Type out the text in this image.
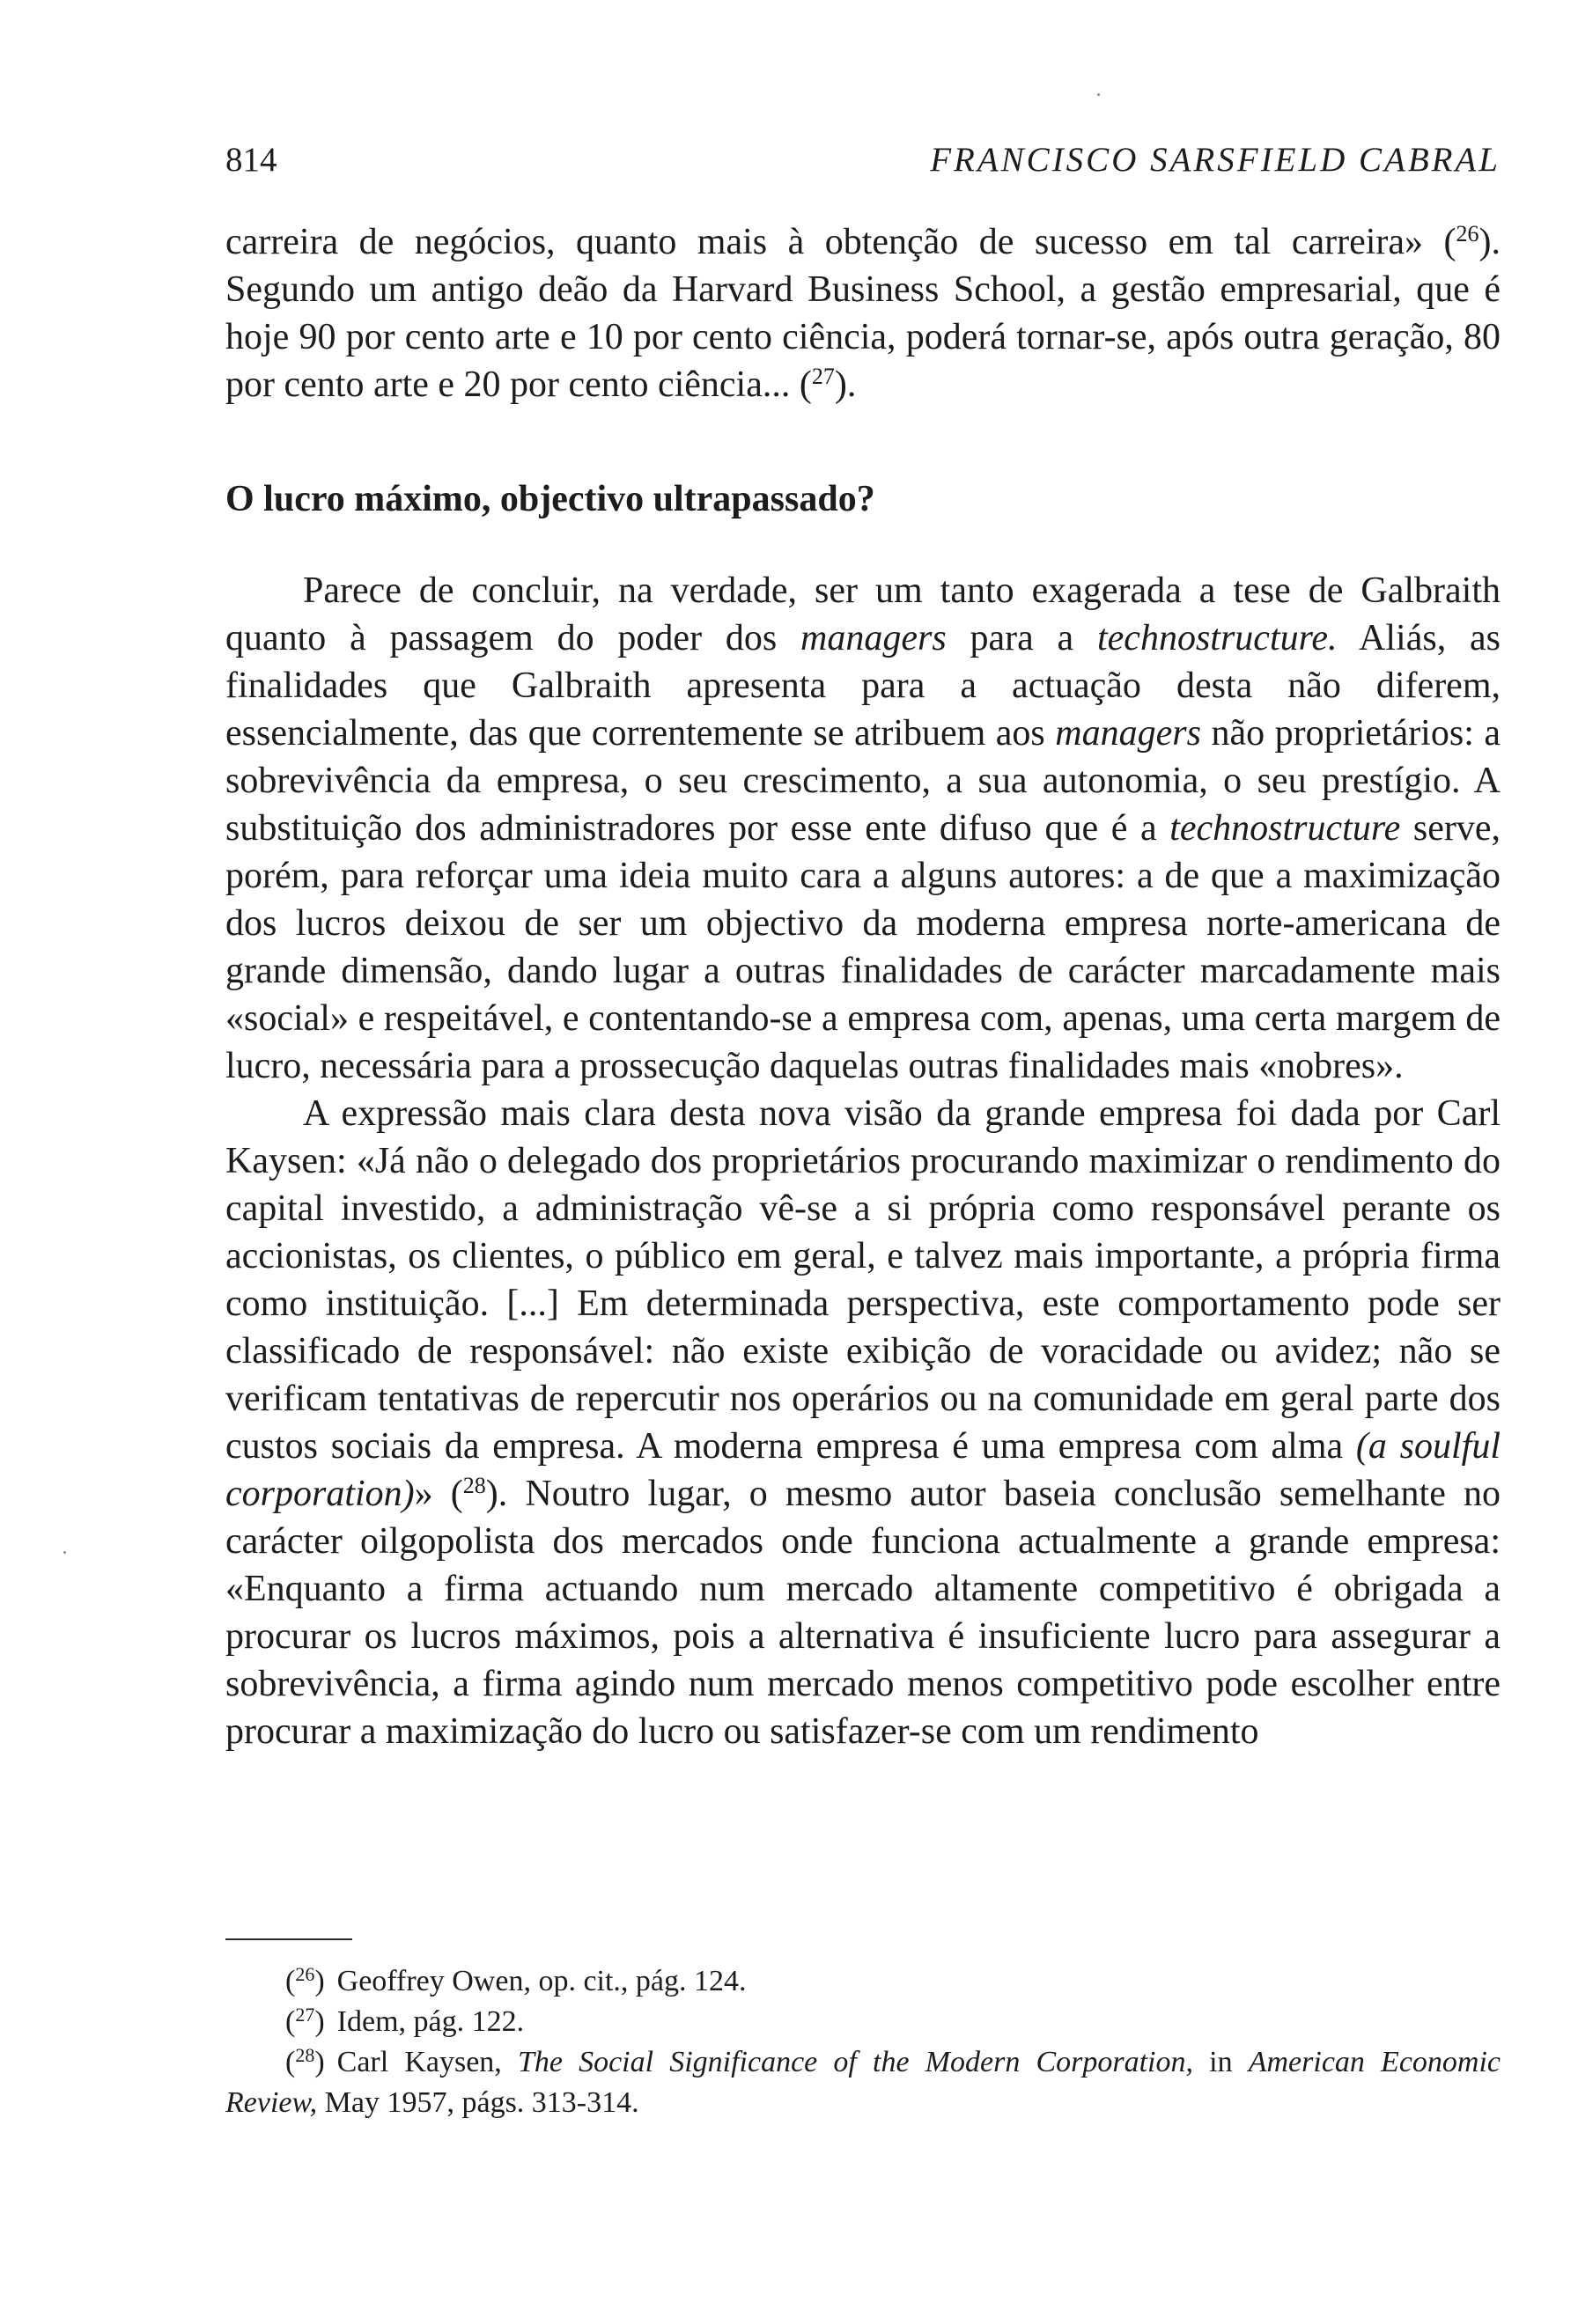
814	FRANCISCO SARSFIELD CABRAL

carreira de negócios, quanto mais à obtenção de sucesso em tal carreira» ($^{26}$). Segundo um antigo deão da Harvard Business School, a gestão empresarial, que é hoje 90 por cento arte e 10 por cento ciência, poderá tornar-se, após outra geração, 80 por cento arte e 20 por cento ciência... ($^{27}$).

O lucro máximo, objectivo ultrapassado?

Parece de concluir, na verdade, ser um tanto exagerada a tese de Galbraith quanto à passagem do poder dos managers para a technostructure. Aliás, as finalidades que Galbraith apresenta para a actuação desta não diferem, essencialmente, das que correntemente se atribuem aos managers não proprietários: a sobrevivência da empresa, o seu crescimento, a sua autonomia, o seu prestígio. A substituição dos administradores por esse ente difuso que é a technostructure serve, porém, para reforçar uma ideia muito cara a alguns autores: a de que a maximização dos lucros deixou de ser um objectivo da moderna empresa norte-americana de grande dimensão, dando lugar a outras finalidades de carácter marcadamente mais «social» e respeitável, e contentando-se a empresa com, apenas, uma certa margem de lucro, necessária para a prossecução daquelas outras finalidades mais «nobres».

A expressão mais clara desta nova visão da grande empresa foi dada por Carl Kaysen: «Já não o delegado dos proprietários procurando maximizar o rendimento do capital investido, a administração vê-se a si própria como responsável perante os accionistas, os clientes, o público em geral, e talvez mais importante, a própria firma como instituição. [...] Em determinada perspectiva, este comportamento pode ser classificado de responsável: não existe exibição de voracidade ou avidez; não se verificam tentativas de repercutir nos operários ou na comunidade em geral parte dos custos sociais da empresa. A moderna empresa é uma empresa com alma (a soulful corporation)» ($^{28}$). Noutro lugar, o mesmo autor baseia conclusão semelhante no carácter oilgopolista dos mercados onde funciona actualmente a grande empresa: «Enquanto a firma actuando num mercado altamente competitivo é obrigada a procurar os lucros máximos, pois a alternativa é insuficiente lucro para assegurar a sobrevivência, a firma agindo num mercado menos competitivo pode escolher entre procurar a maximização do lucro ou satisfazer-se com um rendimento

($^{26}$) Geoffrey Owen, op. cit., pág. 124.

($^{27}$) Idem, pág. 122.

($^{28}$) Carl Kaysen, The Social Significance of the Modern Corporation, in American Economic Review, May 1957, págs. 313-314.
